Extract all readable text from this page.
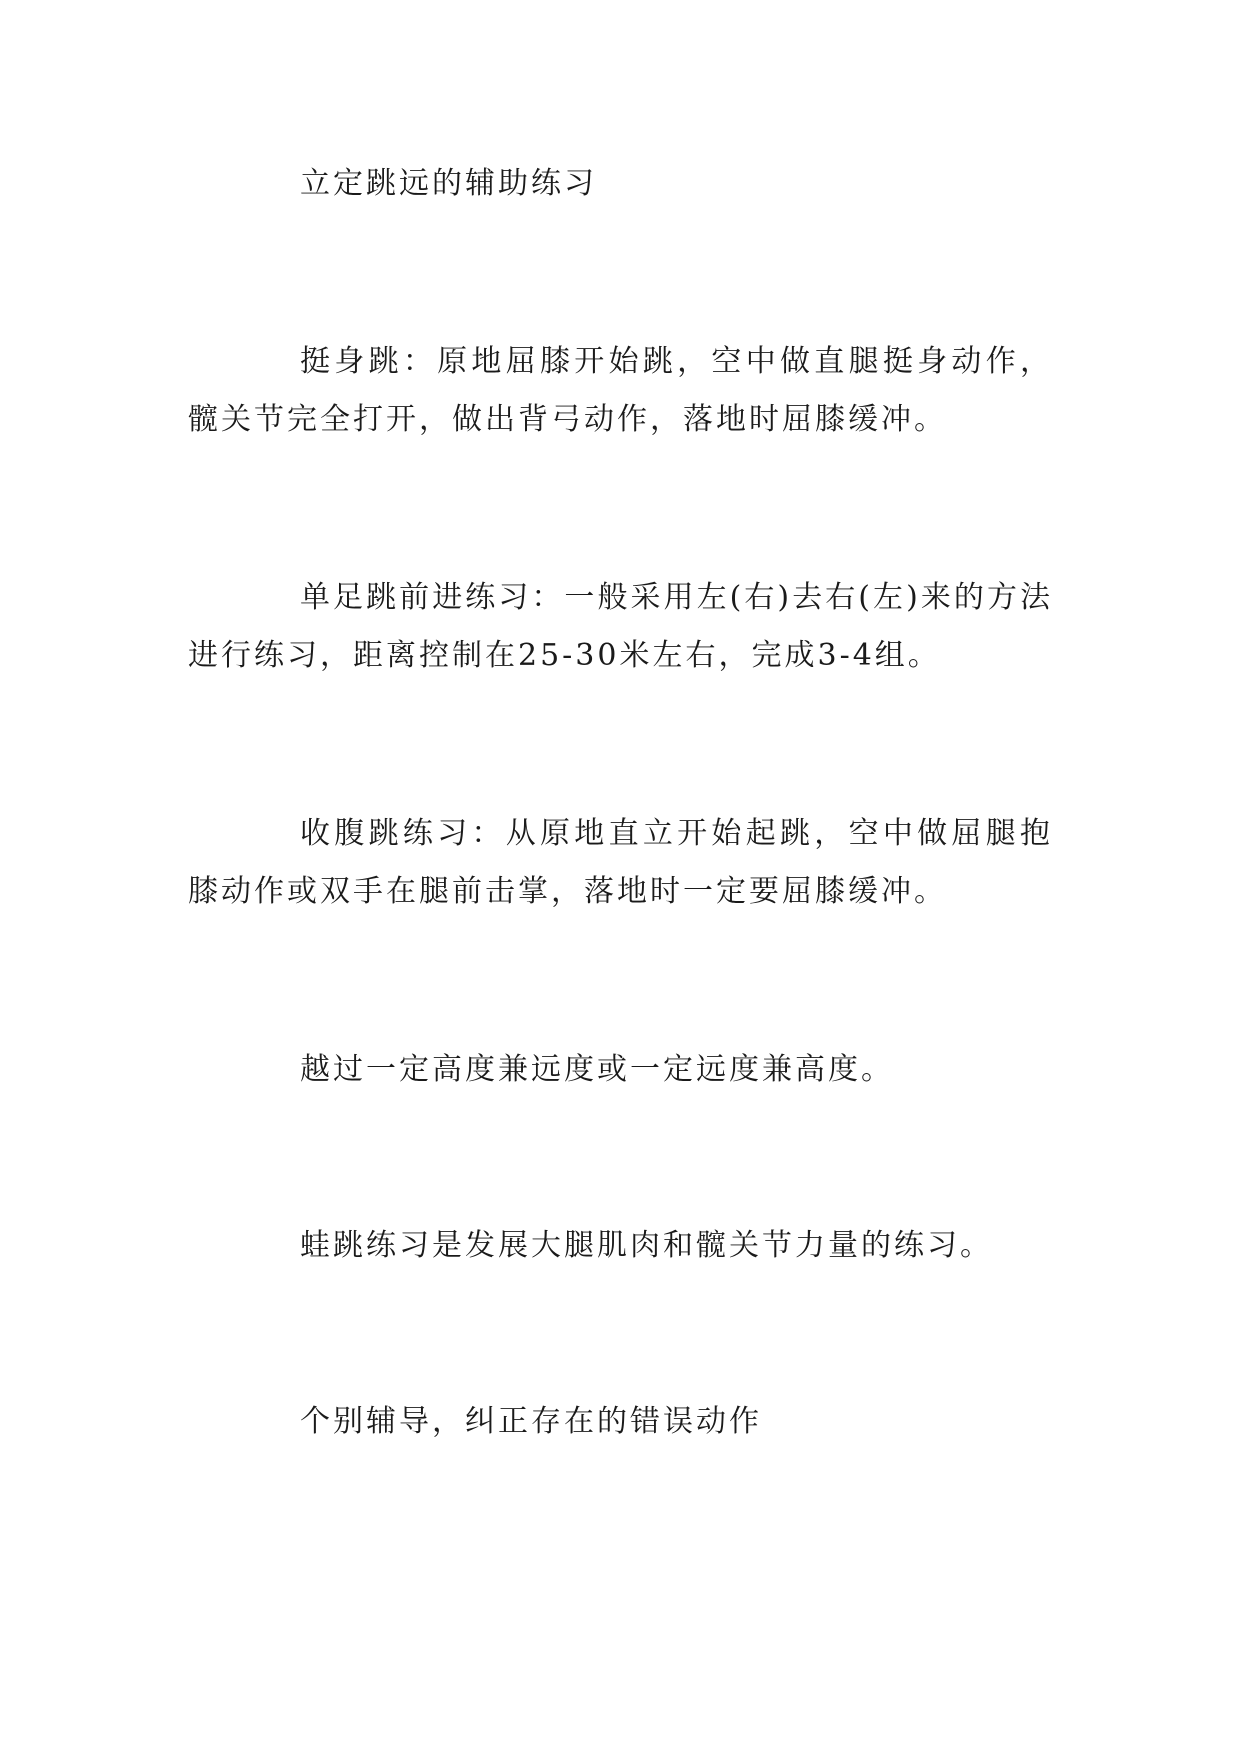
立定跳远的辅助练习

挺身跳：原地屈膝开始跳，空中做直腿挺身动作，髋关节完全打开，做出背弓动作，落地时屈膝缓冲。

单足跳前进练习：一般采用左(右)去右(左)来的方法进行练习，距离控制在25-30米左右，完成3-4组。

收腹跳练习：从原地直立开始起跳，空中做屈腿抱膝动作或双手在腿前击掌，落地时一定要屈膝缓冲。

越过一定高度兼远度或一定远度兼高度。

蛙跳练习是发展大腿肌肉和髋关节力量的练习。

个别辅导，纠正存在的错误动作
